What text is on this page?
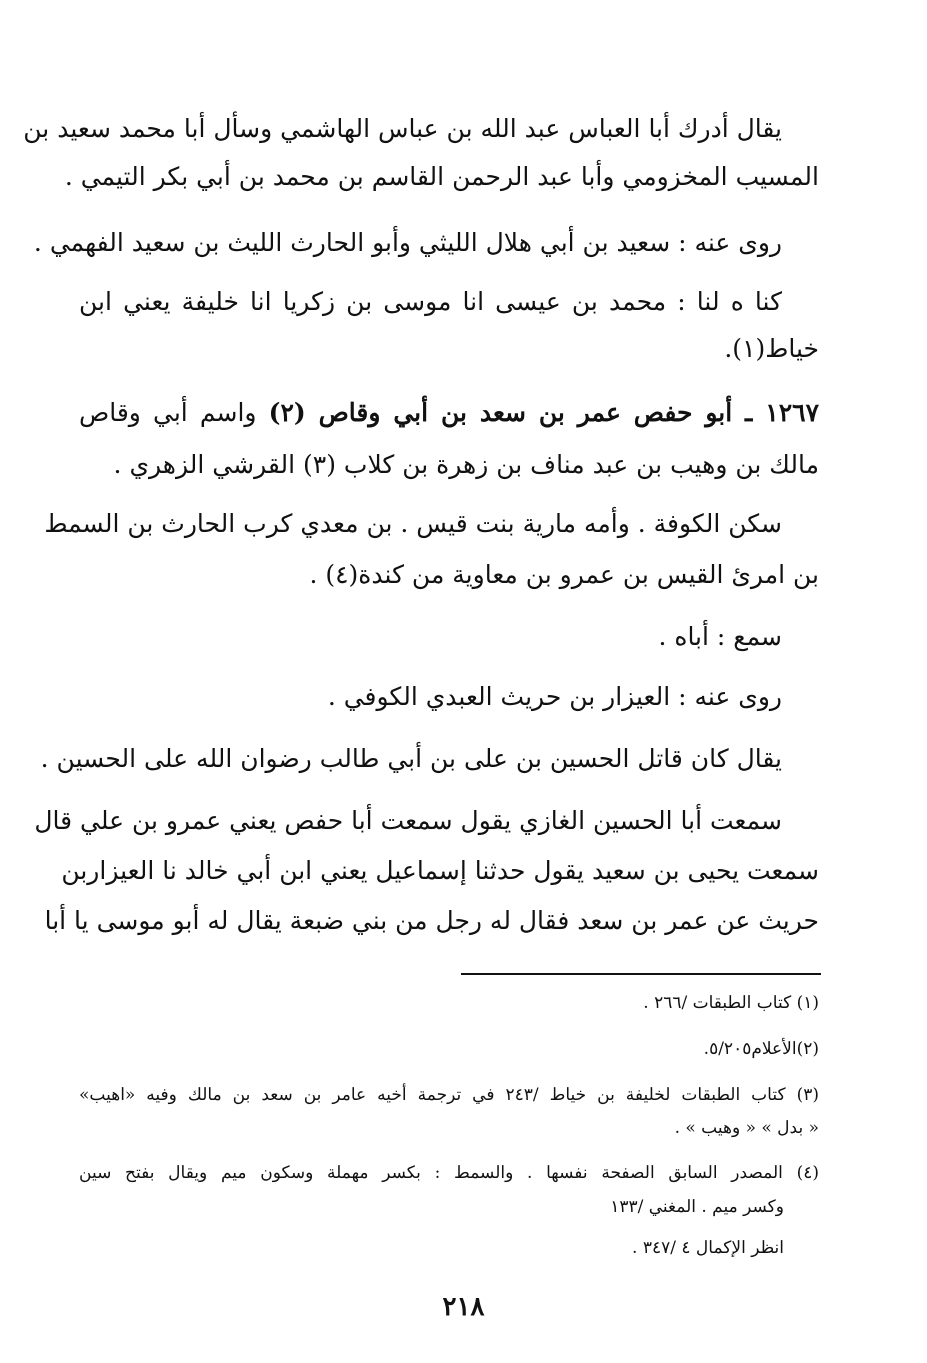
يقال أدرك أبا العباس عبد الله بن عباس الهاشمي وسأل أبا محمد سعيد بن
المسيب المخزومي وأبا عبد الرحمن القاسم بن محمد بن أبي بكر التيمي .
روى عنه : سعيد بن أبي هلال الليثي وأبو الحارث الليث بن سعيد الفهمي .
كنا ه لنا : محمد بن عيسى انا موسى بن زكريا انا خليفة يعني ابن
خياط(١).
١٢٦٧ ـ أبو حفص عمر بن سعد بن أبي وقاص (٢) واسم أبي وقاص
مالك بن وهيب بن عبد مناف بن زهرة بن كلاب (٣) القرشي الزهري .
سكن الكوفة . وأمه مارية بنت قيس . بن معدي كرب الحارث بن السمط
بن امرئ القيس بن عمرو بن معاوية من كندة(٤) .
سمع : أباه .
روى عنه : العيزار بن حريث العبدي الكوفي .
يقال كان قاتل الحسين بن على بن أبي طالب رضوان الله على الحسين .
سمعت أبا الحسين الغازي يقول سمعت أبا حفص يعني عمرو بن علي قال
سمعت يحيى بن سعيد يقول حدثنا إسماعيل يعني ابن أبي خالد نا العيزاربن
حريث عن عمر بن سعد فقال له رجل من بني ضبعة يقال له أبو موسى يا أبا
(١) كتاب الطبقات /٢٦٦ .
(٢)الأعلام٥/٢٠٥.
(٣) كتاب الطبقات لخليفة بن خياط /٢٤٣ في ترجمة أخيه عامر بن سعد بن مالك وفيه «اهيب»
« بدل » « وهيب » .
(٤) المصدر السابق الصفحة نفسها . والسمط : بكسر مهملة وسكون ميم ويقال بفتح سين
وكسر ميم . المغني /١٣٣
انظر الإكمال ٤ /٣٤٧ .
٢١٨
